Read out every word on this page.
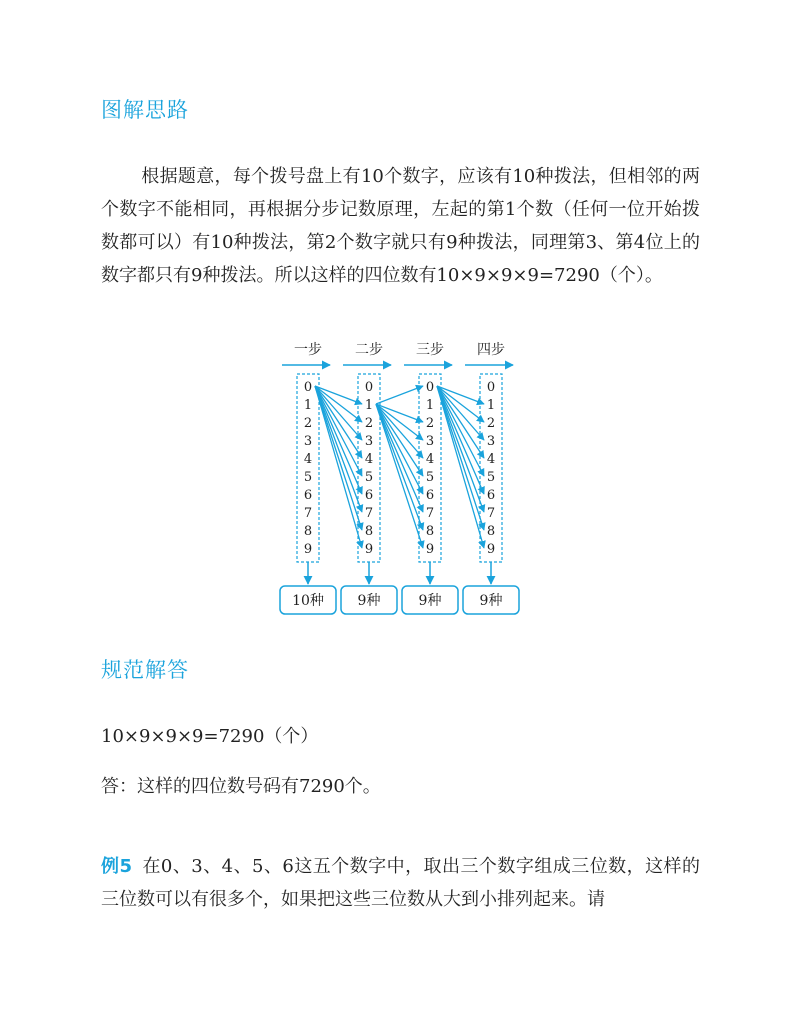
图解思路

根据题意，每个拨号盘上有10个数字，应该有10种拨法，但相邻的两个数字不能相同，再根据分步记数原理，左起的第1个数（任何一位开始拨数都可以）有10种拨法，第2个数字就只有9种拨法，同理第3、第4位上的数字都只有9种拨法。所以这样的四位数有10×9×9×9=7290（个）。

一步
0
1
2
3
4
5
6
7
8
9
10种
二步
0
1
2
3
4
5
6
7
8
9
9种
三步
0
1
2
3
4
5
6
7
8
9
9种
四步
0
1
2
3
4
5
6
7
8
9
9种
规范解答

10×9×9×9=7290（个）

答：这样的四位数号码有7290个。

例5 在0、3、4、5、6这五个数字中，取出三个数字组成三位数，这样的三位数可以有很多个，如果把这些三位数从大到小排列起来。请
